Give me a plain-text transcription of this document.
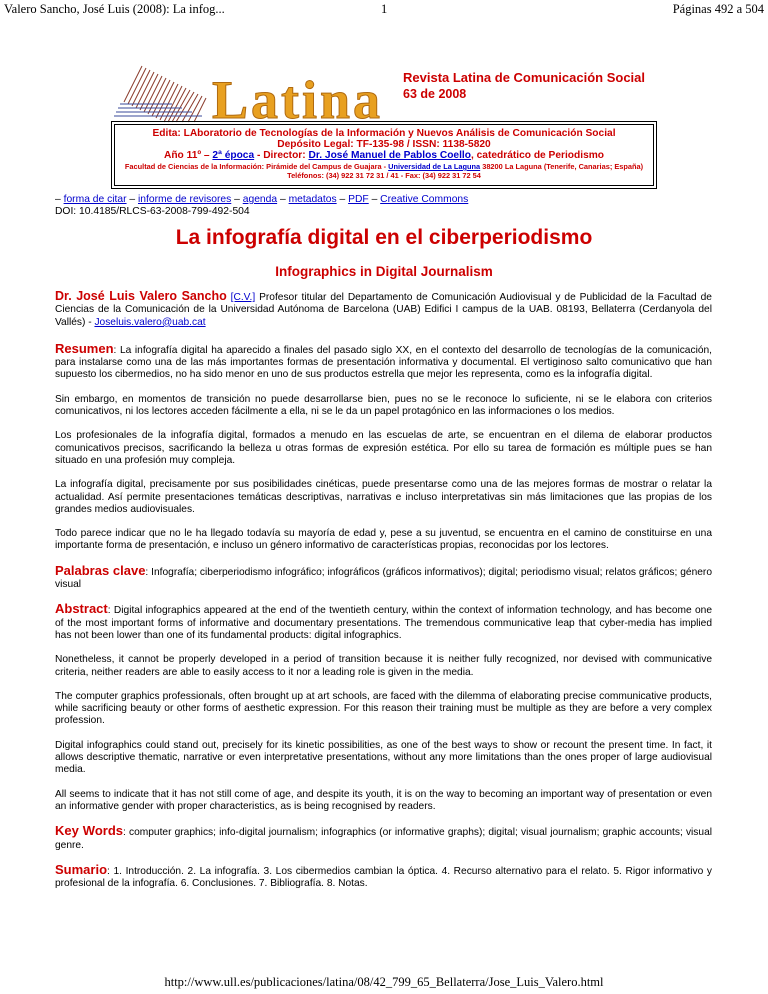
Valero Sancho, José Luis (2008): La infog...	1	Páginas 492 a 504
Latina Revista Latina de Comunicación Social
63 de 2008
Edita: LAboratorio de Tecnologías de la Información y Nuevos Análisis de Comunicación Social
Depósito Legal: TF-135-98 / ISSN: 1138-5820
Año 11º – 2ª época - Director: Dr. José Manuel de Pablos Coello, catedrático de Periodismo
Facultad de Ciencias de la Información: Pirámide del Campus de Guajara - Universidad de La Laguna 38200 La Laguna (Tenerife, Canarias; España)
Teléfonos: (34) 922 31 72 31 / 41 - Fax: (34) 922 31 72 54
– forma de citar – informe de revisores – agenda – metadatos – PDF – Creative Commons
DOI: 10.4185/RLCS-63-2008-799-492-504
La infografía digital en el ciberperiodismo
Infographics in Digital Journalism

Dr. José Luis Valero Sancho [C.V.] Profesor titular del Departamento de Comunicación Audiovisual y de Publicidad de la Facultad de Ciencias de la Comunicación de la Universidad Autónoma de Barcelona (UAB) Edifici I campus de la UAB. 08193, Bellaterra (Cerdanyola del Vallés) - Joseluis.valero@uab.cat

Resumen: La infografía digital ha aparecido a finales del pasado siglo XX, en el contexto del desarrollo de tecnologías de la comunicación, para instalarse como una de las más importantes formas de presentación informativa y documental. El vertiginoso salto comunicativo que han supuesto los cibermedios, no ha sido menor en uno de sus productos estrella que mejor les representa, como es la infografía digital.

Sin embargo, en momentos de transición no puede desarrollarse bien, pues no se le reconoce lo suficiente, ni se le elabora con criterios comunicativos, ni los lectores acceden fácilmente a ella, ni se le da un papel protagónico en las informaciones o los medios.

Los profesionales de la infografía digital, formados a menudo en las escuelas de arte, se encuentran en el dilema de elaborar productos comunicativos precisos, sacrificando la belleza u otras formas de expresión estética. Por ello su tarea de formación es múltiple pues se han situado en una profesión muy compleja.

La infografía digital, precisamente por sus posibilidades cinéticas, puede presentarse como una de las mejores formas de mostrar o relatar la actualidad. Así permite presentaciones temáticas descriptivas, narrativas e incluso interpretativas sin más limitaciones que las propias de los grandes medios audiovisuales.

Todo parece indicar que no le ha llegado todavía su mayoría de edad y, pese a su juventud, se encuentra en el camino de constituirse en una importante forma de presentación, e incluso un género informativo de características propias, reconocidas por los lectores.

Palabras clave: Infografía; ciberperiodismo infográfico; infográficos (gráficos informativos); digital; periodismo visual; relatos gráficos; género visual

Abstract: Digital infographics appeared at the end of the twentieth century, within the context of information technology, and has become one of the most important forms of informative and documentary presentations. The tremendous communicative leap that cyber-media has implied has not been lower than one of its fundamental products: digital infographics.

Nonetheless, it cannot be properly developed in a period of transition because it is neither fully recognized, nor devised with communicative criteria, neither readers are able to easily access to it nor a leading role is given in the media.

The computer graphics professionals, often brought up at art schools, are faced with the dilemma of elaborating precise communicative products, while sacrificing beauty or other forms of aesthetic expression. For this reason their training must be multiple as they are before a very complex profession.

Digital infographics could stand out, precisely for its kinetic possibilities, as one of the best ways to show or recount the present time. In fact, it allows descriptive thematic, narrative or even interpretative presentations, without any more limitations than the ones proper of large audiovisual media.

All seems to indicate that it has not still come of age, and despite its youth, it is on the way to becoming an important way of presentation or even an informative gender with proper characteristics, as is being recognised by readers.

Key Words: computer graphics; info-digital journalism; infographics (or informative graphs); digital; visual journalism; graphic accounts; visual genre.

Sumario: 1. Introducción. 2. La infografía. 3. Los cibermedios cambian la óptica. 4. Recurso alternativo para el relato. 5. Rigor informativo y profesional de la infografía. 6. Conclusiones. 7. Bibliografía. 8. Notas.

http://www.ull.es/publicaciones/latina/08/42_799_65_Bellaterra/Jose_Luis_Valero.html
